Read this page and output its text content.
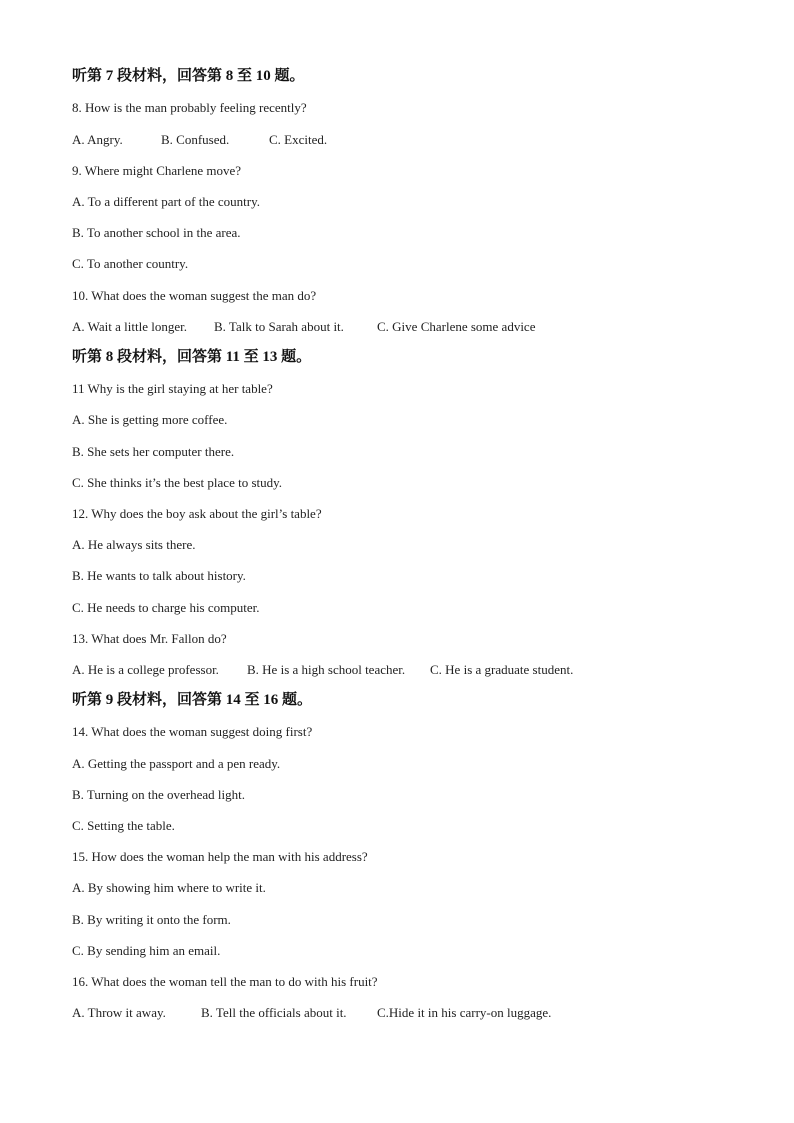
听第 7 段材料，回答第 8 至 10 题。
8. How is the man probably feeling recently?
A. Angry.	B. Confused.	C. Excited.
9. Where might Charlene move?
A. To a different part of the country.
B. To another school in the area.
C. To another country.
10. What does the woman suggest the man do?
A. Wait a little longer. B. Talk to Sarah about it.	C. Give Charlene some advice
听第 8 段材料，回答第 11 至 13 题。
11 Why is the girl staying at her table?
A. She is getting more coffee.
B. She sets her computer there.
C. She thinks it’s the best place to study.
12. Why does the boy ask about the girl’s table?
A. He always sits there.
B. He wants to talk about history.
C. He needs to charge his computer.
13. What does Mr. Fallon do?
A. He is a college professor. B. He is a high school teacher. C. He is a graduate student.
听第 9 段材料，回答第 14 至 16 题。
14. What does the woman suggest doing first?
A. Getting the passport and a pen ready.
B. Turning on the overhead light.
C. Setting the table.
15. How does the woman help the man with his address?
A. By showing him where to write it.
B. By writing it onto the form.
C. By sending him an email.
16. What does the woman tell the man to do with his fruit?
A. Throw it away.	B. Tell the officials about it. C.Hide it in his carry-on luggage.
